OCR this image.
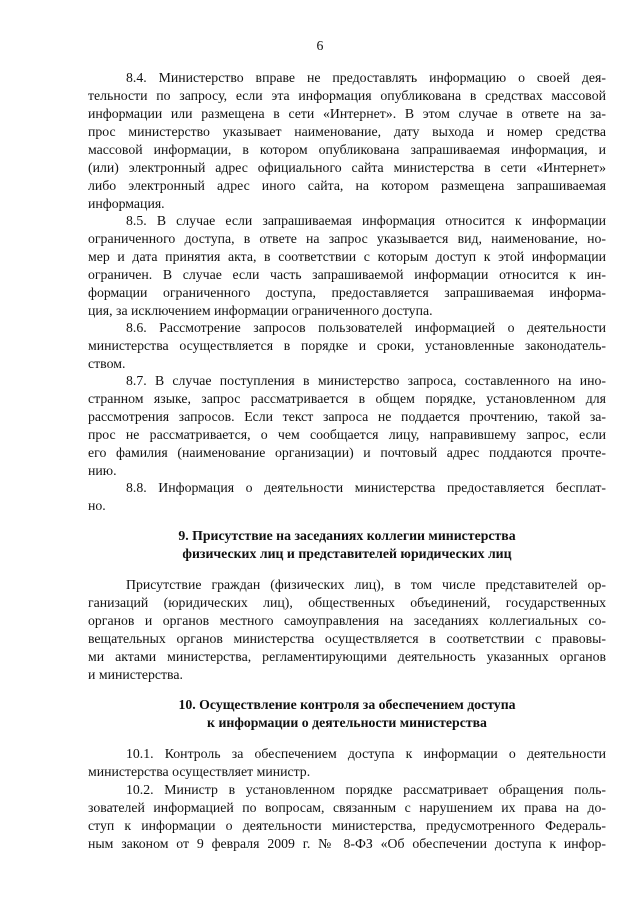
6
8.4. Министерство вправе не предоставлять информацию о своей дея-
тельности по запросу, если эта информация опубликована в средствах массовой
информации или размещена в сети «Интернет». В этом случае в ответе на за-
прос министерство указывает наименование, дату выхода и номер средства
массовой информации, в котором опубликована запрашиваемая информация, и
(или) электронный адрес официального сайта министерства в сети «Интернет»
либо электронный адрес иного сайта, на котором размещена запрашиваемая
информация.
8.5. В случае если запрашиваемая информация относится к информации
ограниченного доступа, в ответе на запрос указывается вид, наименование, но-
мер и дата принятия акта, в соответствии с которым доступ к этой информации
ограничен. В случае если часть запрашиваемой информации относится к ин-
формации ограниченного доступа, предоставляется запрашиваемая информа-
ция, за исключением информации ограниченного доступа.
8.6. Рассмотрение запросов пользователей информацией о деятельности
министерства осуществляется в порядке и сроки, установленные законодатель-
ством.
8.7. В случае поступления в министерство запроса, составленного на ино-
странном языке, запрос рассматривается в общем порядке, установленном для
рассмотрения запросов. Если текст запроса не поддается прочтению, такой за-
прос не рассматривается, о чем сообщается лицу, направившему запрос, если
его фамилия (наименование организации) и почтовый адрес поддаются прочте-
нию.
8.8. Информация о деятельности министерства предоставляется бесплат-
но.
9. Присутствие на заседаниях коллегии министерства
физических лиц и представителей юридических лиц
Присутствие граждан (физических лиц), в том числе представителей ор-
ганизаций (юридических лиц), общественных объединений, государственных
органов и органов местного самоуправления на заседаниях коллегиальных со-
вещательных органов министерства осуществляется в соответствии с правовы-
ми актами министерства, регламентирующими деятельность указанных органов
и министерства.
10. Осуществление контроля за обеспечением доступа
к информации о деятельности министерства
10.1. Контроль за обеспечением доступа к информации о деятельности
министерства осуществляет министр.
10.2. Министр в установленном порядке рассматривает обращения поль-
зователей информацией по вопросам, связанным с нарушением их права на до-
ступ к информации о деятельности министерства, предусмотренного Федераль-
ным законом от 9 февраля 2009 г. № 8-ФЗ «Об обеспечении доступа к инфор-
